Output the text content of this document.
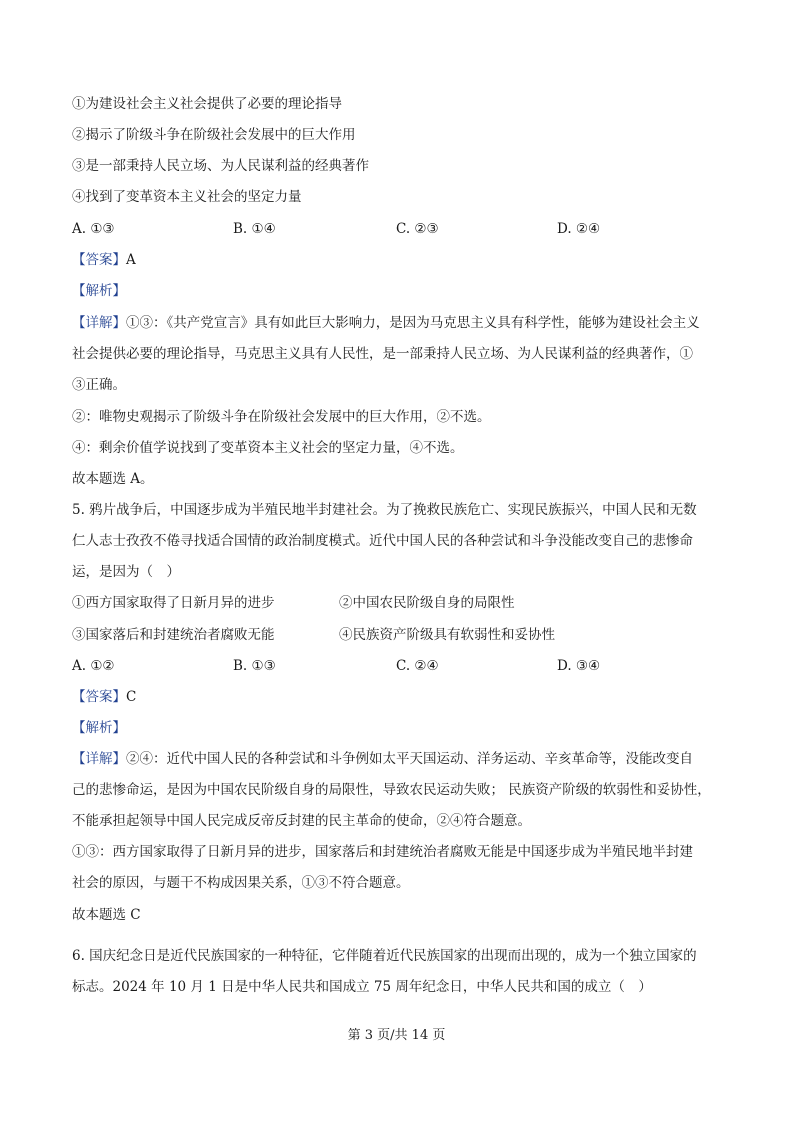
①为建设社会主义社会提供了必要的理论指导
②揭示了阶级斗争在阶级社会发展中的巨大作用
③是一部秉持人民立场、为人民谋利益的经典著作
④找到了变革资本主义社会的坚定力量
A. ①③	B. ①④	C. ②③	D. ②④
【答案】A
【解析】
【详解】①③：《共产党宣言》具有如此巨大影响力，是因为马克思主义具有科学性，能够为建设社会主义
社会提供必要的理论指导，马克思主义具有人民性，是一部秉持人民立场、为人民谋利益的经典著作，①
③正确。
②：唯物史观揭示了阶级斗争在阶级社会发展中的巨大作用，②不选。
④：剩余价值学说找到了变革资本主义社会的坚定力量，④不选。
故本题选 A。
5. 鸦片战争后，中国逐步成为半殖民地半封建社会。为了挽救民族危亡、实现民族振兴，中国人民和无数
仁人志士孜孜不倦寻找适合国情的政治制度模式。近代中国人民的各种尝试和斗争没能改变自己的悲惨命
运，是因为（　）
①西方国家取得了日新月异的进步	②中国农民阶级自身的局限性
③国家落后和封建统治者腐败无能	④民族资产阶级具有软弱性和妥协性
A. ①②	B. ①③	C. ②④	D. ③④
【答案】C
【解析】
【详解】②④：近代中国人民的各种尝试和斗争例如太平天国运动、洋务运动、辛亥革命等，没能改变自
己的悲惨命运，是因为中国农民阶级自身的局限性，导致农民运动失败； 民族资产阶级的软弱性和妥协性，
不能承担起领导中国人民完成反帝反封建的民主革命的使命，②④符合题意。
①③：西方国家取得了日新月异的进步，国家落后和封建统治者腐败无能是中国逐步成为半殖民地半封建
社会的原因，与题干不构成因果关系，①③不符合题意。
故本题选 C
6. 国庆纪念日是近代民族国家的一种特征，它伴随着近代民族国家的出现而出现的，成为一个独立国家的
标志。2024 年 10 月 1 日是中华人民共和国成立 75 周年纪念日，中华人民共和国的成立（　）
第 3 页/共 14 页
